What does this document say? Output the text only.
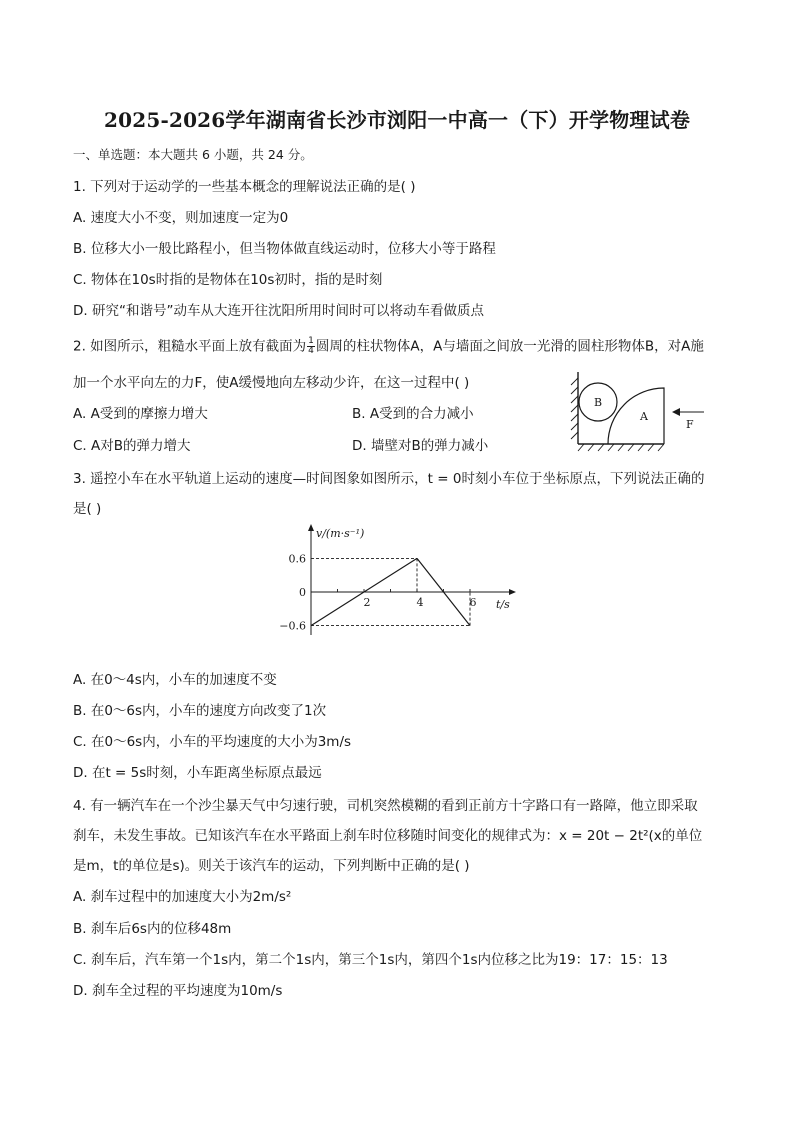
2025-2026学年湖南省长沙市浏阳一中高一（下）开学物理试卷
一、单选题：本大题共 6 小题，共 24 分。
1. 下列对于运动学的一些基本概念的理解说法正确的是( )
A. 速度大小不变，则加速度一定为0
B. 位移大小一般比路程小，但当物体做直线运动时，位移大小等于路程
C. 物体在10s时指的是物体在10s初时，指的是时刻
D. 研究“和谐号”动车从大连开往沈阳所用时间时可以将动车看做质点
2. 如图所示，粗糙水平面上放有截面为 $\frac{1}{4}$ 圆周的柱状物体A，A与墙面之间放一光滑的圆柱形物体B，对A施
加一个水平向左的力F，使A缓慢地向左移动少许，在这一过程中( )
A. A受到的摩擦力增大	B. A受到的合力减小
C. A对B的弹力增大	D. 墙壁对B的弹力减小
B
A
F
3. 遥控小车在水平轨道上运动的速度—时间图象如图所示，t = 0时刻小车位于坐标原点，下列说法正确的
是( )
0.6
0
−0.6
2	4	6
v/(m·s⁻¹)
t/s
A. 在0～4s内，小车的加速度不变
B. 在0～6s内，小车的速度方向改变了1次
C. 在0～6s内，小车的平均速度的大小为3m/s
D. 在t = 5s时刻，小车距离坐标原点最远
4. 有一辆汽车在一个沙尘暴天气中匀速行驶，司机突然模糊的看到正前方十字路口有一路障，他立即采取
刹车，未发生事故。已知该汽车在水平路面上刹车时位移随时间变化的规律式为：x = 20t − 2t²(x的单位
是m，t的单位是s)。则关于该汽车的运动，下列判断中正确的是( )
A. 刹车过程中的加速度大小为2m/s²
B. 刹车后6s内的位移48m
C. 刹车后，汽车第一个1s内，第二个1s内，第三个1s内，第四个1s内位移之比为19：17：15：13
D. 刹车全过程的平均速度为10m/s
